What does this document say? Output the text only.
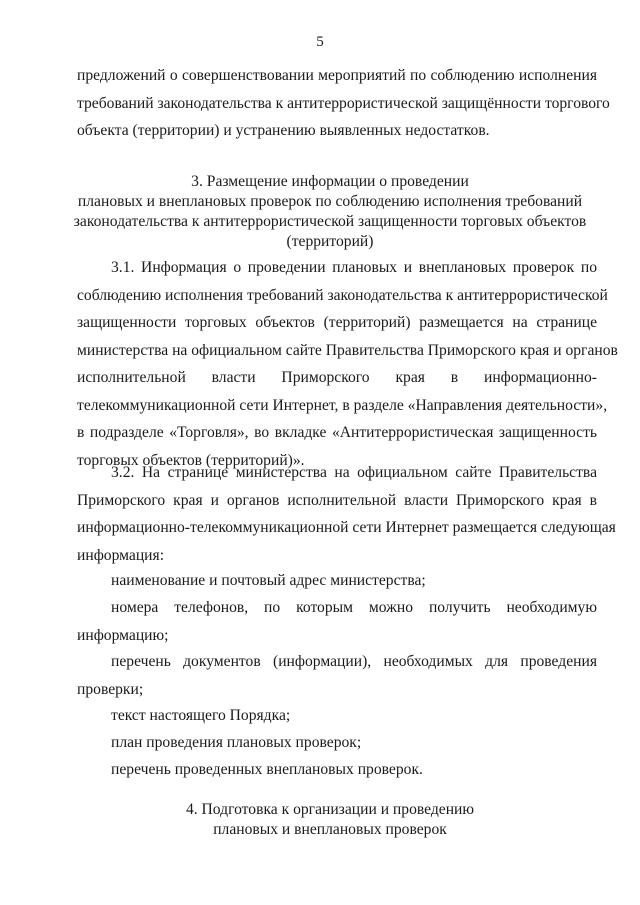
5
предложений о совершенствовании мероприятий по соблюдению исполнения
требований законодательства к антитеррористической защищённости торгового
объекта (территории) и устранению выявленных недостатков.
3. Размещение информации о проведении
плановых и внеплановых проверок по соблюдению исполнения требований
законодательства к антитеррористической защищенности торговых объектов
(территорий)
3.1. Информация о проведении плановых и внеплановых проверок по
соблюдению исполнения требований законодательства к антитеррористической
защищенности торговых объектов (территорий) размещается на странице
министерства на официальном сайте Правительства Приморского края и органов
исполнительной власти Приморского края в информационно-
телекоммуникационной сети Интернет, в разделе «Направления деятельности»,
в подразделе «Торговля», во вкладке «Антитеррористическая защищенность
торговых объектов (территорий)».
3.2. На странице министерства на официальном сайте Правительства
Приморского края и органов исполнительной власти Приморского края в
информационно-телекоммуникационной сети Интернет размещается следующая
информация:
наименование и почтовый адрес министерства;
номера телефонов, по которым можно получить необходимую
информацию;
перечень документов (информации), необходимых для проведения
проверки;
текст настоящего Порядка;
план проведения плановых проверок;
перечень проведенных внеплановых проверок.
4. Подготовка к организации и проведению
плановых и внеплановых проверок
